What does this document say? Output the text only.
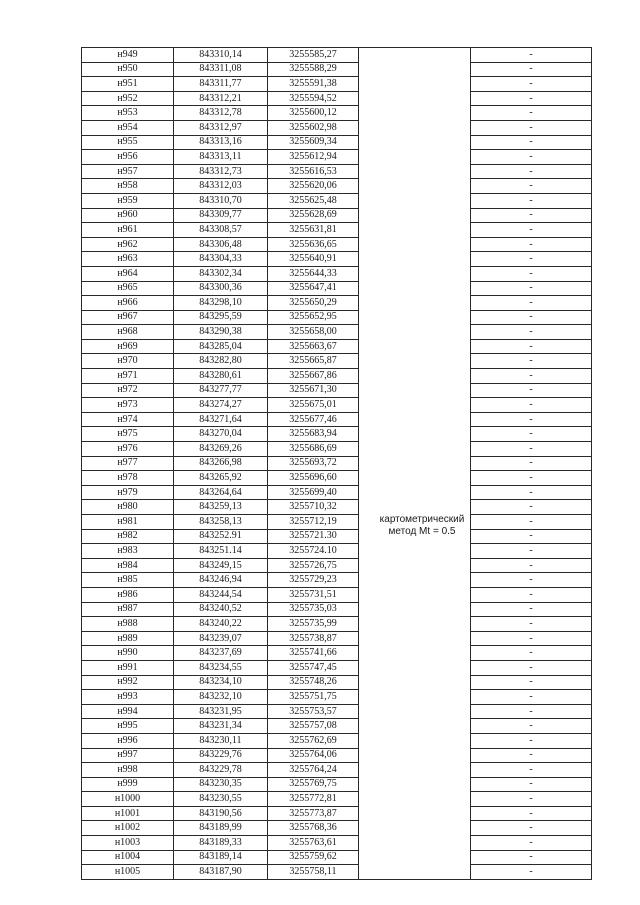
н949	843310,14	3255585,27		-
н950	843311,08	3255588,29		-
н951	843311,77	3255591,38		-
н952	843312,21	3255594,52		-
н953	843312,78	3255600,12		-
н954	843312,97	3255602,98		-
н955	843313,16	3255609,34		-
н956	843313,11	3255612,94		-
н957	843312,73	3255616,53		-
н958	843312,03	3255620,06		-
н959	843310,70	3255625,48		-
н960	843309,77	3255628,69		-
н961	843308,57	3255631,81		-
н962	843306,48	3255636,65		-
н963	843304,33	3255640,91		-
н964	843302,34	3255644,33		-
н965	843300,36	3255647,41		-
н966	843298,10	3255650,29		-
н967	843295,59	3255652,95		-
н968	843290,38	3255658,00		-
н969	843285,04	3255663,67		-
н970	843282,80	3255665,87		-
н971	843280,61	3255667,86		-
н972	843277,77	3255671,30		-
н973	843274,27	3255675,01		-
н974	843271,64	3255677,46		-
н975	843270,04	3255683,94		-
н976	843269,26	3255686,69		-
н977	843266,98	3255693,72		-
н978	843265,92	3255696,60		-
н979	843264,64	3255699,40		-
н980	843259,13	3255710,32		-
н981	843258,13	3255712,19		-
н982	843252.91	3255721.30		-
н983	843251.14	3255724.10		-
н984	843249,15	3255726,75		-
н985	843246,94	3255729,23		-
н986	843244,54	3255731,51		-
н987	843240,52	3255735,03		-
н988	843240,22	3255735,99		-
н989	843239,07	3255738,87		-
н990	843237,69	3255741,66		-
н991	843234,55	3255747,45		-
н992	843234,10	3255748,26		-
н993	843232,10	3255751,75		-
н994	843231,95	3255753,57		-
н995	843231,34	3255757,08		-
н996	843230,11	3255762,69		-
н997	843229,76	3255764,06		-
н998	843229,78	3255764,24		-
н999	843230,35	3255769,75		-
н1000	843230,55	3255772,81		-
н1001	843190,56	3255773,87		-
н1002	843189,99	3255768,36		-
н1003	843189,33	3255763,61		-
н1004	843189,14	3255759,62		-
н1005	843187,90	3255758,11		-
картометрический
метод Mt = 0.5
